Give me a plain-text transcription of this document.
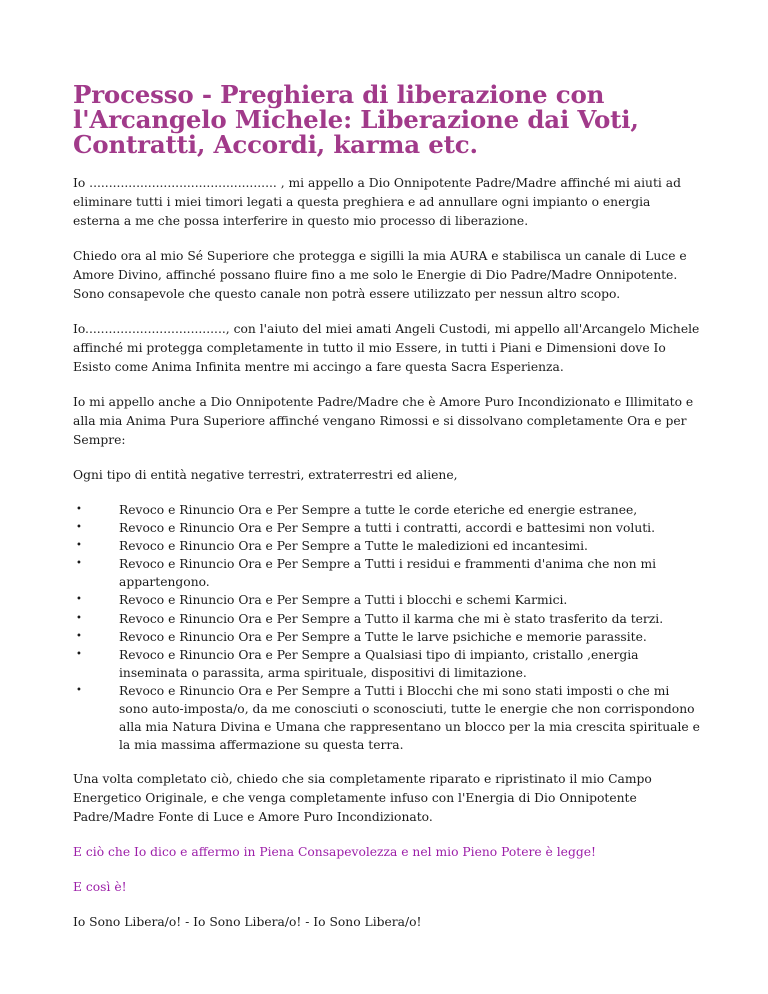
Processo - Preghiera di liberazione con l'Arcangelo Michele: Liberazione dai Voti, Contratti, Accordi, karma etc.

Io ................................................ , mi appello a Dio Onnipotente Padre/Madre affinché mi aiuti ad eliminare tutti i miei timori legati a questa preghiera e ad annullare ogni impianto o energia esterna a me che possa interferire in questo mio processo di liberazione.

Chiedo ora al mio Sé Superiore che protegga e sigilli la mia AURA e stabilisca un canale di Luce e Amore Divino, affinché possano fluire fino a me solo le Energie di Dio Padre/Madre Onnipotente. Sono consapevole che questo canale non potrà essere utilizzato per nessun altro scopo.

Io...................................., con l'aiuto del miei amati Angeli Custodi, mi appello all'Arcangelo Michele affinché mi protegga completamente in tutto il mio Essere, in tutti i Piani e Dimensioni dove Io Esisto come Anima Infinita mentre mi accingo a fare questa Sacra Esperienza.

Io mi appello anche a Dio Onnipotente Padre/Madre che è Amore Puro Incondizionato e Illimitato e alla mia Anima Pura Superiore affinché vengano Rimossi e si dissolvano completamente Ora e per Sempre:

Ogni tipo di entità negative terrestri, extraterrestri ed aliene,

•	Revoco e Rinuncio Ora e Per Sempre a tutte le corde eteriche ed energie estranee,
•	Revoco e Rinuncio Ora e Per Sempre a tutti i contratti, accordi e battesimi non voluti.
•	Revoco e Rinuncio Ora e Per Sempre a Tutte le maledizioni ed incantesimi.
•	Revoco e Rinuncio Ora e Per Sempre a Tutti i residui e frammenti d'anima che non mi appartengono.
•	Revoco e Rinuncio Ora e Per Sempre a Tutti i blocchi e schemi Karmici.
•	Revoco e Rinuncio Ora e Per Sempre a Tutto il karma che mi è stato trasferito da terzi.
•	Revoco e Rinuncio Ora e Per Sempre a Tutte le larve psichiche e memorie parassite.
•	Revoco e Rinuncio Ora e Per Sempre a Qualsiasi tipo di impianto, cristallo ,energia inseminata o parassita, arma spirituale, dispositivi di limitazione.
•	Revoco e Rinuncio Ora e Per Sempre a Tutti i Blocchi che mi sono stati imposti o che mi sono auto-imposta/o, da me conosciuti o sconosciuti, tutte le energie che non corrispondono alla mia Natura Divina e Umana che rappresentano un blocco per la mia crescita spirituale e la mia massima affermazione su questa terra.

Una volta completato ciò, chiedo che sia completamente riparato e ripristinato il mio Campo Energetico Originale, e che venga completamente infuso con l'Energia di Dio Onnipotente Padre/Madre Fonte di Luce e Amore Puro Incondizionato.

E ciò che Io dico e affermo in Piena Consapevolezza e nel mio Pieno Potere è legge!

E così è!

Io Sono Libera/o! - Io Sono Libera/o! - Io Sono Libera/o!
